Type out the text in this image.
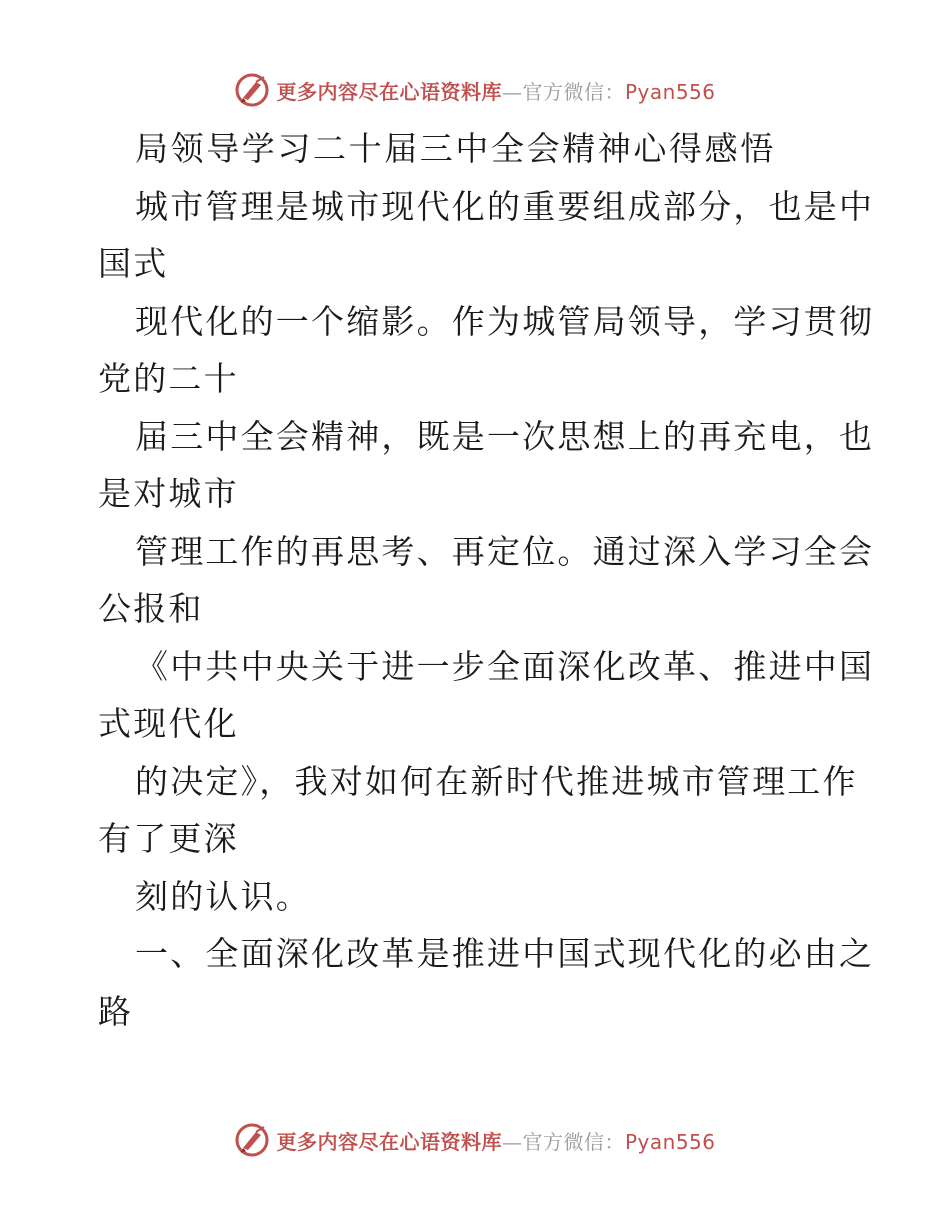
更多内容尽在心语资料库—官方微信：Pyan556
局领导学习二十届三中全会精神心得感悟
城市管理是城市现代化的重要组成部分，也是中
国式
现代化的一个缩影。作为城管局领导，学习贯彻
党的二十
届三中全会精神，既是一次思想上的再充电，也
是对城市
管理工作的再思考、再定位。通过深入学习全会
公报和
《中共中央关于进一步全面深化改革、推进中国
式现代化
的决定》，我对如何在新时代推进城市管理工作
有了更深
刻的认识。
一、全面深化改革是推进中国式现代化的必由之
路
更多内容尽在心语资料库—官方微信：Pyan556
